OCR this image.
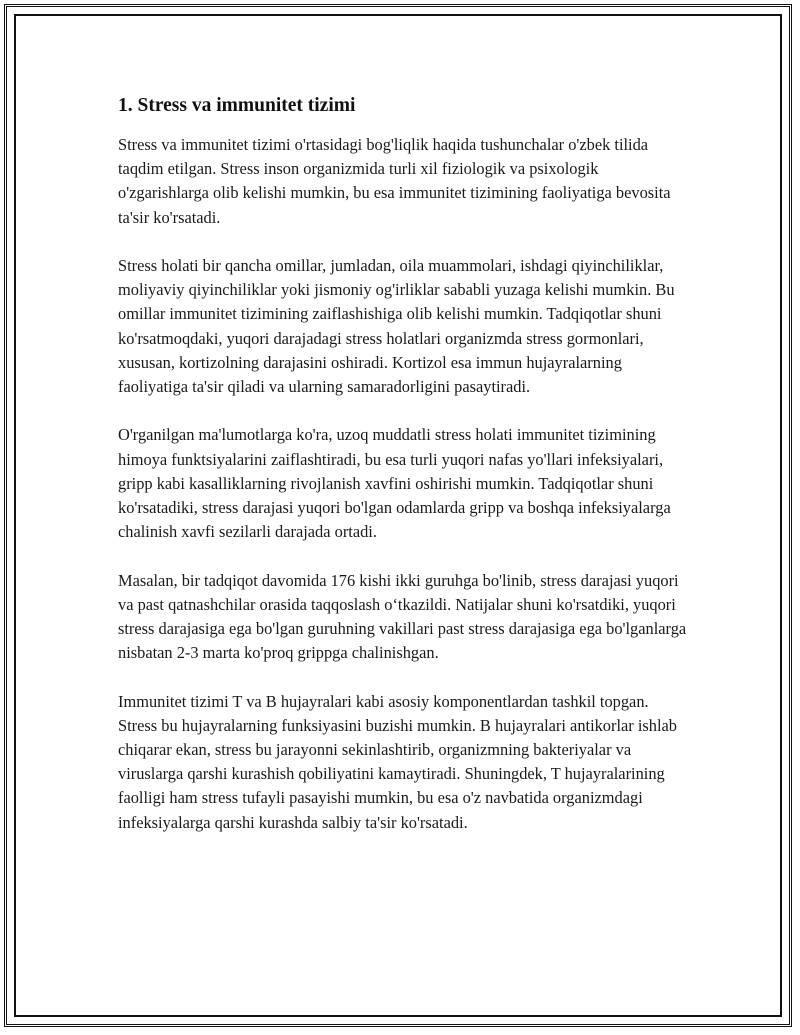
1. Stress va immunitet tizimi

Stress va immunitet tizimi o'rtasidagi bog'liqlik haqida tushunchalar o'zbek tilida taqdim etilgan. Stress inson organizmida turli xil fiziologik va psixologik o'zgarishlarga olib kelishi mumkin, bu esa immunitet tizimining faoliyatiga bevosita ta'sir ko'rsatadi.

Stress holati bir qancha omillar, jumladan, oila muammolari, ishdagi qiyinchiliklar, moliyaviy qiyinchiliklar yoki jismoniy og'irliklar sababli yuzaga kelishi mumkin. Bu omillar immunitet tizimining zaiflashishiga olib kelishi mumkin. Tadqiqotlar shuni ko'rsatmoqdaki, yuqori darajadagi stress holatlari organizmda stress gormonlari, xususan, kortizolning darajasini oshiradi. Kortizol esa immun hujayralarning faoliyatiga ta'sir qiladi va ularning samaradorligini pasaytiradi.

O'rganilgan ma'lumotlarga ko'ra, uzoq muddatli stress holati immunitet tizimining himoya funktsiyalarini zaiflashtiradi, bu esa turli yuqori nafas yo'llari infeksiyalari, gripp kabi kasalliklarning rivojlanish xavfini oshirishi mumkin. Tadqiqotlar shuni ko'rsatadiki, stress darajasi yuqori bo'lgan odamlarda gripp va boshqa infeksiyalarga chalinish xavfi sezilarli darajada ortadi.

Masalan, bir tadqiqot davomida 176 kishi ikki guruhga bo'linib, stress darajasi yuqori va past qatnashchilar orasida taqqoslash oʻtkazildi. Natijalar shuni ko'rsatdiki, yuqori stress darajasiga ega bo'lgan guruhning vakillari past stress darajasiga ega bo'lganlarga nisbatan 2-3 marta ko'proq grippga chalinishgan.

Immunitet tizimi T va B hujayralari kabi asosiy komponentlardan tashkil topgan. Stress bu hujayralarning funksiyasini buzishi mumkin. B hujayralari antikorlar ishlab chiqarar ekan, stress bu jarayonni sekinlashtirib, organizmning bakteriyalar va viruslarga qarshi kurashish qobiliyatini kamaytiradi. Shuningdek, T hujayralarining faolligi ham stress tufayli pasayishi mumkin, bu esa o'z navbatida organizmdagi infeksiyalarga qarshi kurashda salbiy ta'sir ko'rsatadi.
